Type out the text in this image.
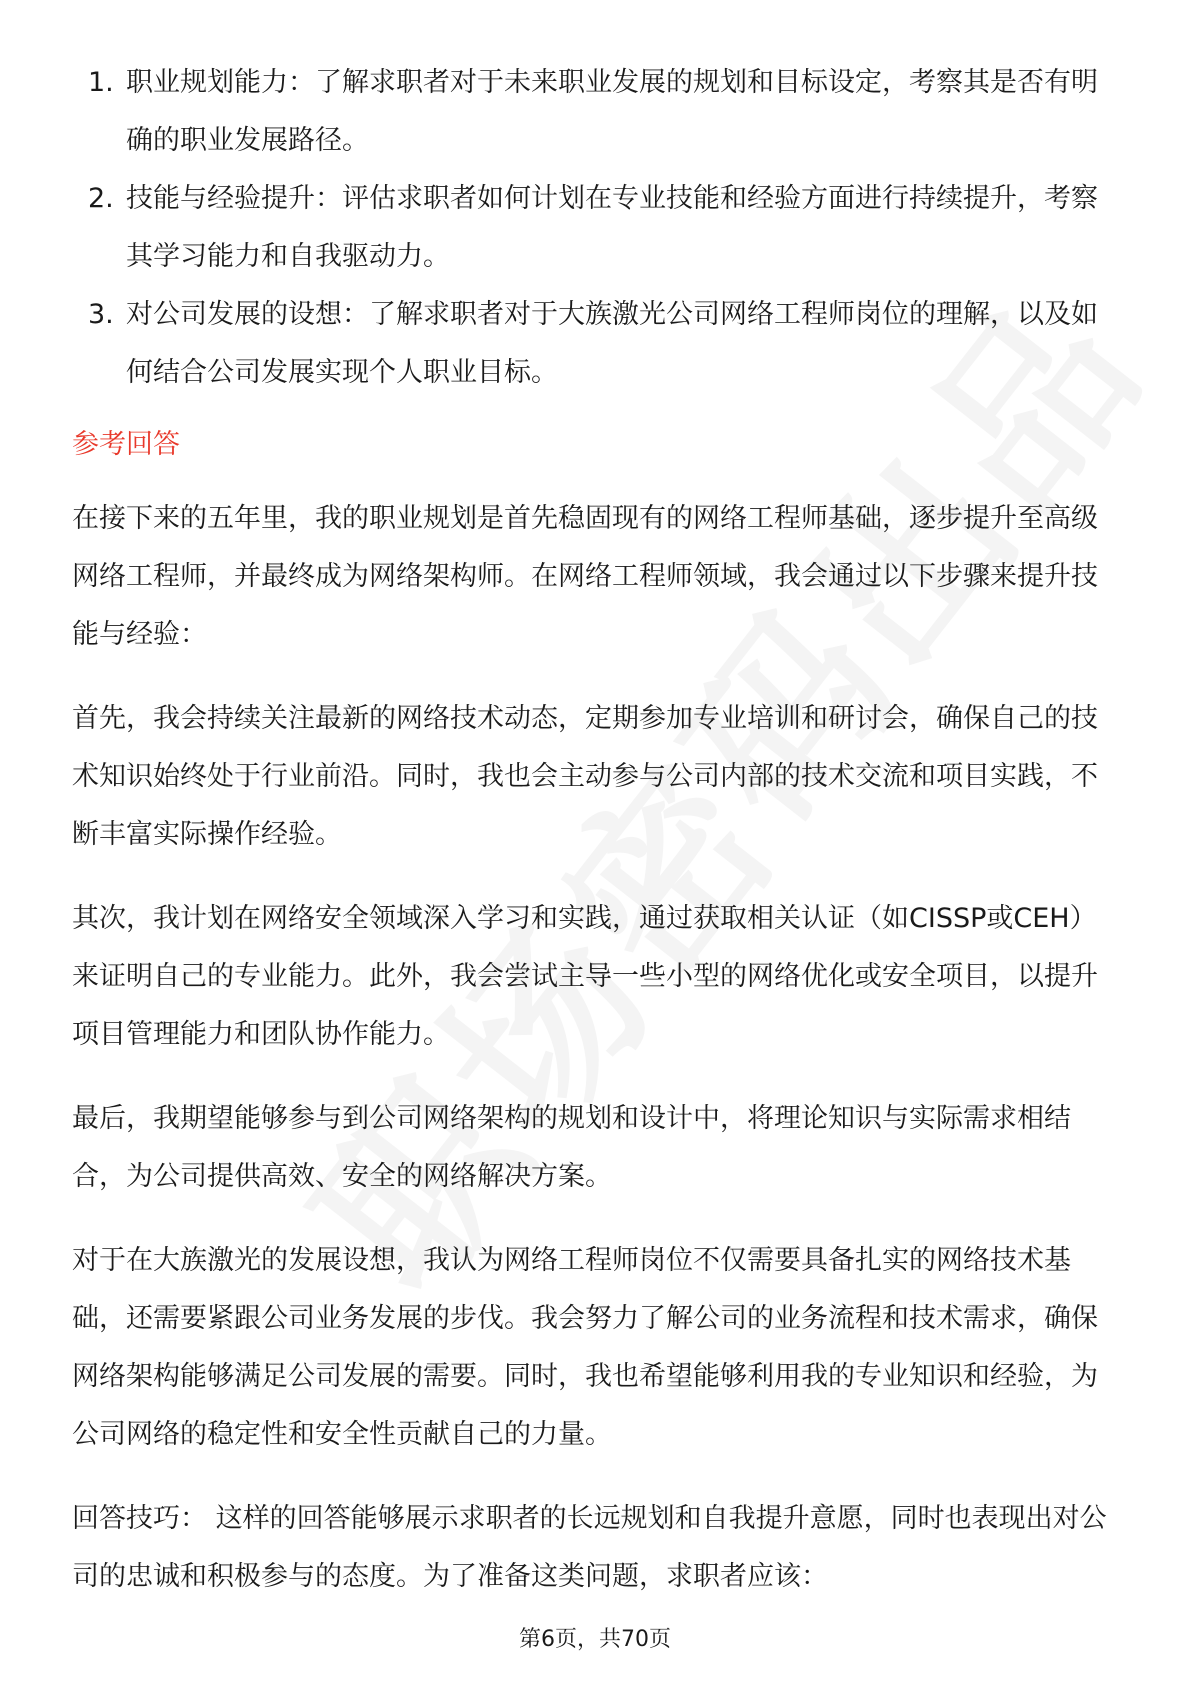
1. 职业规划能力：了解求职者对于未来职业发展的规划和目标设定，考察其是否有明确的职业发展路径。
2. 技能与经验提升：评估求职者如何计划在专业技能和经验方面进行持续提升，考察其学习能力和自我驱动力。
3. 对公司发展的设想：了解求职者对于大族激光公司网络工程师岗位的理解，以及如何结合公司发展实现个人职业目标。
参考回答

在接下来的五年里，我的职业规划是首先稳固现有的网络工程师基础，逐步提升至高级网络工程师，并最终成为网络架构师。在网络工程师领域，我会通过以下步骤来提升技能与经验：

首先，我会持续关注最新的网络技术动态，定期参加专业培训和研讨会，确保自己的技术知识始终处于行业前沿。同时，我也会主动参与公司内部的技术交流和项目实践，不断丰富实际操作经验。

其次，我计划在网络安全领域深入学习和实践，通过获取相关认证（如CISSP或CEH）来证明自己的专业能力。此外，我会尝试主导一些小型的网络优化或安全项目，以提升项目管理能力和团队协作能力。

最后，我期望能够参与到公司网络架构的规划和设计中，将理论知识与实际需求相结合，为公司提供高效、安全的网络解决方案。

对于在大族激光的发展设想，我认为网络工程师岗位不仅需要具备扎实的网络技术基础，还需要紧跟公司业务发展的步伐。我会努力了解公司的业务流程和技术需求，确保网络架构能够满足公司发展的需要。同时，我也希望能够利用我的专业知识和经验，为公司网络的稳定性和安全性贡献自己的力量。

回答技巧： 这样的回答能够展示求职者的长远规划和自我提升意愿，同时也表现出对公司的忠诚和积极参与的态度。为了准备这类问题，求职者应该：

第6页，共70页
